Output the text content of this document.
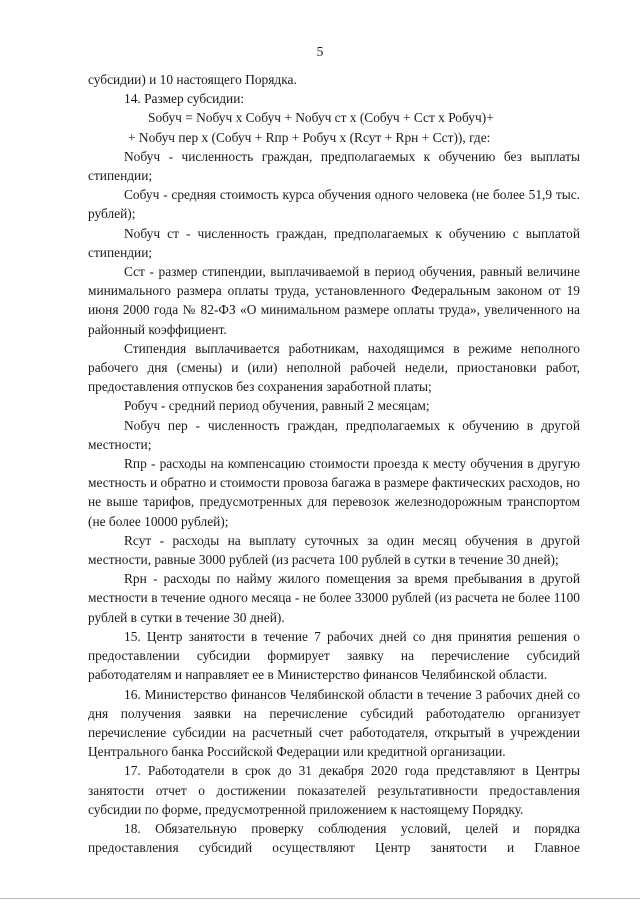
5

субсидии) и 10 настоящего Порядка.

14. Размер субсидии:

Sобуч = Nобуч x Собуч + Nобуч ст x (Собуч + Сст x Робуч)+

+ Nобуч пер x (Собуч + Rпр + Робуч x (Rсут + Rрн + Сст)), где:

Nобуч - численность граждан, предполагаемых к обучению без выплаты стипендии;

Собуч - средняя стоимость курса обучения одного человека (не более 51,9 тыс. рублей);

Nобуч ст - численность граждан, предполагаемых к обучению с выплатой стипендии;

Сст - размер стипендии, выплачиваемой в период обучения, равный величине минимального размера оплаты труда, установленного Федеральным законом от 19 июня 2000 года № 82-ФЗ «О минимальном размере оплаты труда», увеличенного на районный коэффициент.

Стипендия выплачивается работникам, находящимся в режиме неполного рабочего дня (смены) и (или) неполной рабочей недели, приостановки работ, предоставления отпусков без сохранения заработной платы;

Робуч - средний период обучения, равный 2 месяцам;

Nобуч пер - численность граждан, предполагаемых к обучению в другой местности;

Rпр - расходы на компенсацию стоимости проезда к месту обучения в другую местность и обратно и стоимости провоза багажа в размере фактических расходов, но не выше тарифов, предусмотренных для перевозок железнодорожным транспортом (не более 10000 рублей);

Rсут - расходы на выплату суточных за один месяц обучения в другой местности, равные 3000 рублей (из расчета 100 рублей в сутки в течение 30 дней);

Rрн - расходы по найму жилого помещения за время пребывания в другой местности в течение одного месяца - не более 33000 рублей (из расчета не более 1100 рублей в сутки в течение 30 дней).

15. Центр занятости в течение 7 рабочих дней со дня принятия решения о предоставлении субсидии формирует заявку на перечисление субсидий работодателям и направляет ее в Министерство финансов Челябинской области.

16. Министерство финансов Челябинской области в течение 3 рабочих дней со дня получения заявки на перечисление субсидий работодателю организует перечисление субсидии на расчетный счет работодателя, открытый в учреждении Центрального банка Российской Федерации или кредитной организации.

17. Работодатели в срок до 31 декабря 2020 года представляют в Центры занятости отчет о достижении показателей результативности предоставления субсидии по форме, предусмотренной приложением к настоящему Порядку.

18. Обязательную проверку соблюдения условий, целей и порядка предоставления субсидий осуществляют Центр занятости и Главное
